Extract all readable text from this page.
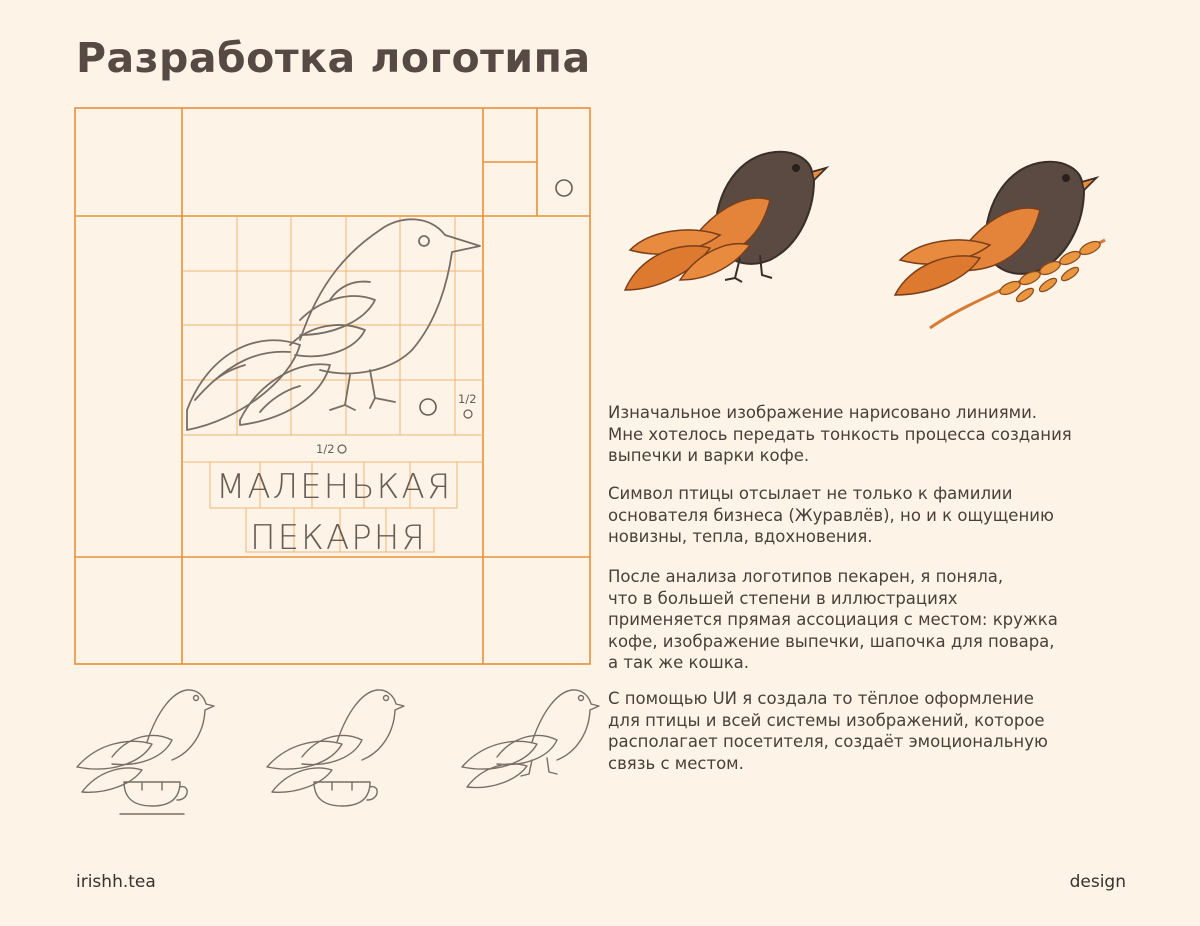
Разработка логотипа
МАЛЕНЬКАЯ
ПЕКАРНЯ
1/2
1/2

Изначальное изображение нарисовано линиями.

Мне хотелось передать тонкость процесса создания

выпечки и варки кофе.

Символ птицы отсылает не только к фамилии

основателя бизнеса (Журавлёв), но и к ощущению

новизны, тепла, вдохновения.

После анализа логотипов пекарен, я поняла,

что в большей степени в иллюстрациях

применяется прямая ассоциация с местом: кружка

кофе, изображение выпечки, шапочка для повара,

а так же кошка.

С помощью UИ я создала то тёплое оформление

для птицы и всей системы изображений, которое

располагает посетителя, создаёт эмоциональную

связь с местом.

irishh.tea	design
